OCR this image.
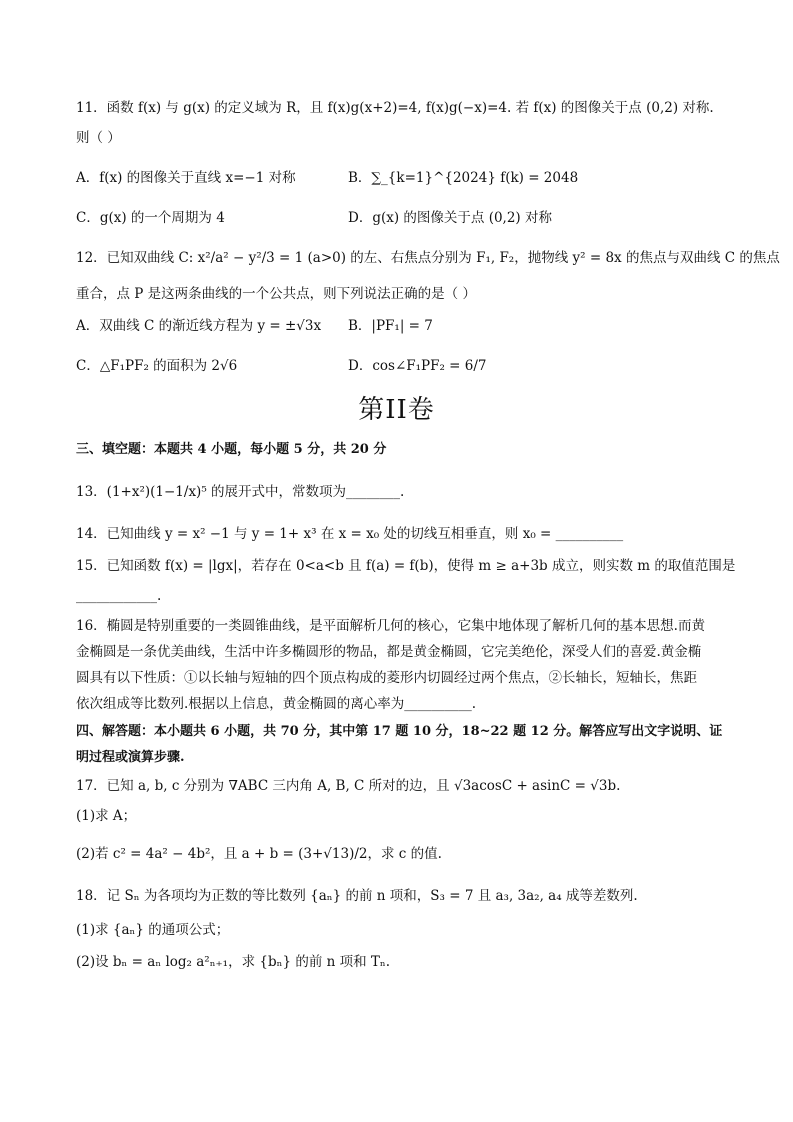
11．函数 f(x) 与 g(x) 的定义域为 R，且 f(x)g(x+2)=4, f(x)g(−x)=4. 若 f(x) 的图像关于点 (0,2) 对称.
则（ ）
A．f(x) 的图像关于直线 x=−1 对称	B．∑_{k=1}^{2024} f(k) = 2048
C．g(x) 的一个周期为 4	D．g(x) 的图像关于点 (0,2) 对称
12．已知双曲线 C: x²/a² − y²/3 = 1 (a>0) 的左、右焦点分别为 F₁, F₂，抛物线 y² = 8x 的焦点与双曲线 C 的焦点
重合，点 P 是这两条曲线的一个公共点，则下列说法正确的是（ ）
A．双曲线 C 的渐近线方程为 y = ±√3x B．|PF₁| = 7
C．△F₁PF₂ 的面积为 2√6	D．cos∠F₁PF₂ = 6/7
第II卷
三、填空题：本题共 4 小题，每小题 5 分，共 20 分
13．(1+x²)(1−1/x)⁵ 的展开式中，常数项为________.
14．已知曲线 y = x² −1 与 y = 1+ x³ 在 x = x₀ 处的切线互相垂直，则 x₀ = __________
15．已知函数 f(x) = |lgx|，若存在 0<a<b 且 f(a) = f(b)，使得 m ≥ a+3b 成立，则实数 m 的取值范围是
____________.
16．椭圆是特别重要的一类圆锥曲线，是平面解析几何的核心，它集中地体现了解析几何的基本思想.而黄
金椭圆是一条优美曲线，生活中许多椭圆形的物品，都是黄金椭圆，它完美绝伦，深受人们的喜爱.黄金椭
圆具有以下性质：①以长轴与短轴的四个顶点构成的菱形内切圆经过两个焦点，②长轴长，短轴长，焦距
依次组成等比数列.根据以上信息，黄金椭圆的离心率为__________.
四、解答题：本小题共 6 小题，共 70 分，其中第 17 题 10 分，18~22 题 12 分。解答应写出文字说明、证
明过程或演算步骤.
17．已知 a, b, c 分别为 ∇ABC 三内角 A, B, C 所对的边，且 √3acosC + asinC = √3b.
(1)求 A；
(2)若 c² = 4a² − 4b²，且 a + b = (3+√13)/2，求 c 的值.
18．记 Sₙ 为各项均为正数的等比数列 {aₙ} 的前 n 项和，S₃ = 7 且 a₃, 3a₂, a₄ 成等差数列.
(1)求 {aₙ} 的通项公式；
(2)设 bₙ = aₙ log₂ a²ₙ₊₁，求 {bₙ} 的前 n 项和 Tₙ.
